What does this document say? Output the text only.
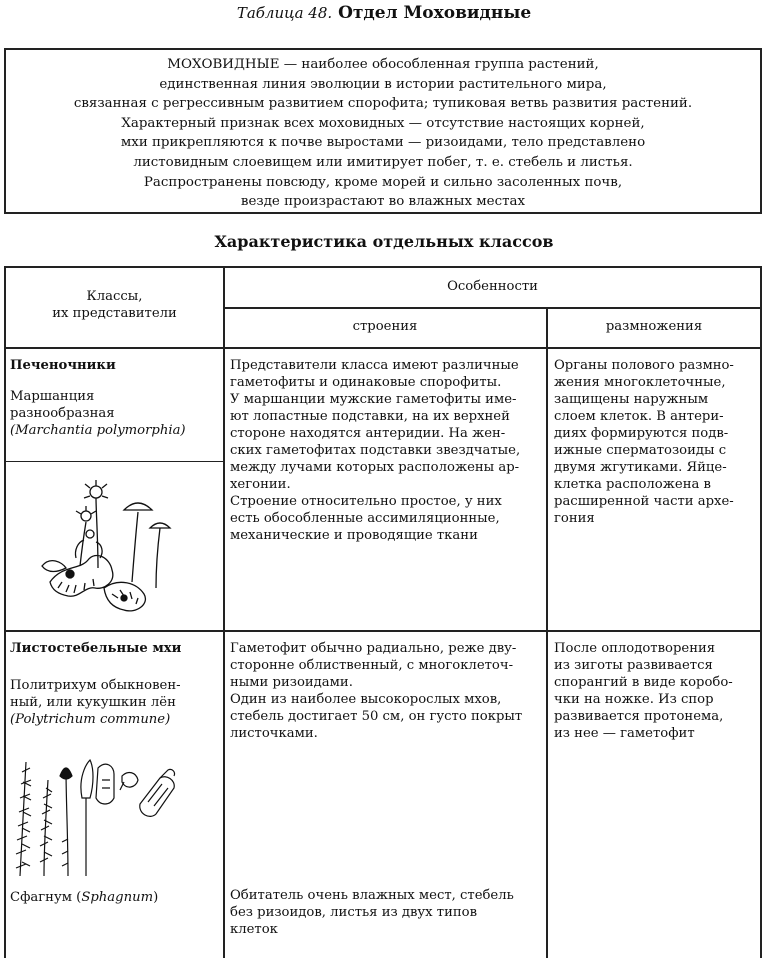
Таблица 48. Отдел Моховидные
МОХОВИДНЫЕ — наиболее обособленная группа растений,
единственная линия эволюции в истории растительного мира,
связанная с регрессивным развитием спорофита; тупиковая ветвь развития растений.
Характерный признак всех моховидных — отсутствие настоящих корней,
мхи прикрепляются к почве выростами — ризоидами, тело представлено
листовидным слоевищем или имитирует побег, т. е. стебель и листья.
Распространены повсюду, кроме морей и сильно засоленных почв,
везде произрастают во влажных местах
Характеристика отдельных классов
Классы,
их представители
Особенности
строения	размножения
Печеночники
Маршанция
разнообразная
(Marchantia polymorphia)
Представители класса имеют различные
гаметофиты и одинаковые спорофиты.
У маршанции мужские гаметофиты име-
ют лопастные подставки, на их верхней
стороне находятся антеридии. На жен-
ских гаметофитах подставки звездчатые,
между лучами которых расположены ар-
хегонии.
Строение относительно простое, у них
есть обособленные ассимиляционные,
механические и проводящие ткани
Органы полового размно-
жения многоклеточные,
защищены наружным
слоем клеток. В антери-
диях формируются подв-
ижные сперматозоиды с
двумя жгутиками. Яйце-
клетка расположена в
расширенной части архе-
гония
Листостебельные мхи
Политрихум обыкновен-
ный, или кукушкин лён
(Polytrichum commune)
Сфагнум (Sphagnum)
Гаметофит обычно радиально, реже дву-
сторонне облиственный, с многоклеточ-
ными ризоидами.
Один из наиболее высокорослых мхов,
стебель достигает 50 см, он густо покрыт
листочками.
Обитатель очень влажных мест, стебель
без ризоидов, листья из двух типов
клеток
После оплодотворения
из зиготы развивается
спорангий в виде коробо-
чки на ножке. Из спор
развивается протонема,
из нее — гаметофит
